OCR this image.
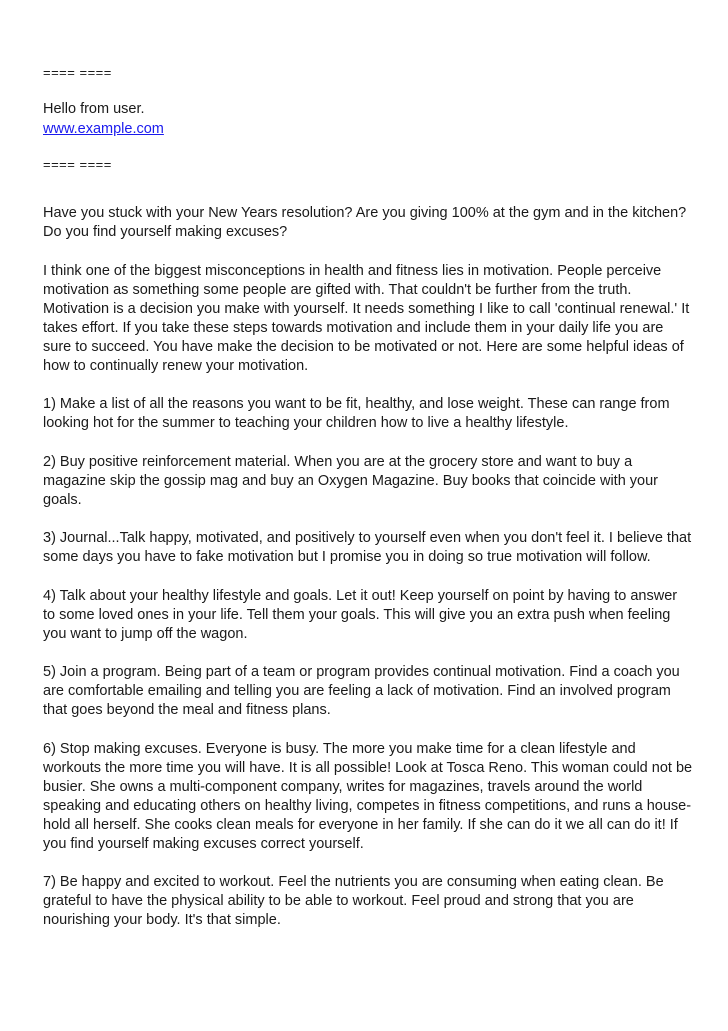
==== ====
Hello from user.
www.example.com
==== ====

Have you stuck with your New Years resolution? Are you giving 100% at the gym and in the kitchen? Do you find yourself making excuses?

I think one of the biggest misconceptions in health and fitness lies in motivation. People perceive motivation as something some people are gifted with. That couldn't be further from the truth. Motivation is a decision you make with yourself. It needs something I like to call 'continual renewal.' It takes effort. If you take these steps towards motivation and include them in your daily life you are sure to succeed. You have make the decision to be motivated or not. Here are some helpful ideas of how to continually renew your motivation.

1) Make a list of all the reasons you want to be fit, healthy, and lose weight. These can range from looking hot for the summer to teaching your children how to live a healthy lifestyle.

2) Buy positive reinforcement material. When you are at the grocery store and want to buy a magazine skip the gossip mag and buy an Oxygen Magazine. Buy books that coincide with your goals.

3) Journal...Talk happy, motivated, and positively to yourself even when you don't feel it. I believe that some days you have to fake motivation but I promise you in doing so true motivation will follow.

4) Talk about your healthy lifestyle and goals. Let it out! Keep yourself on point by having to answer to some loved ones in your life. Tell them your goals. This will give you an extra push when feeling you want to jump off the wagon.

5) Join a program. Being part of a team or program provides continual motivation. Find a coach you are comfortable emailing and telling you are feeling a lack of motivation. Find an involved program that goes beyond the meal and fitness plans.

6) Stop making excuses. Everyone is busy. The more you make time for a clean lifestyle and workouts the more time you will have. It is all possible! Look at Tosca Reno. This woman could not be busier. She owns a multi-component company, writes for magazines, travels around the world speaking and educating others on healthy living, competes in fitness competitions, and runs a house-hold all herself. She cooks clean meals for everyone in her family. If she can do it we all can do it! If you find yourself making excuses correct yourself.

7) Be happy and excited to workout. Feel the nutrients you are consuming when eating clean. Be grateful to have the physical ability to be able to workout. Feel proud and strong that you are nourishing your body. It's that simple.
